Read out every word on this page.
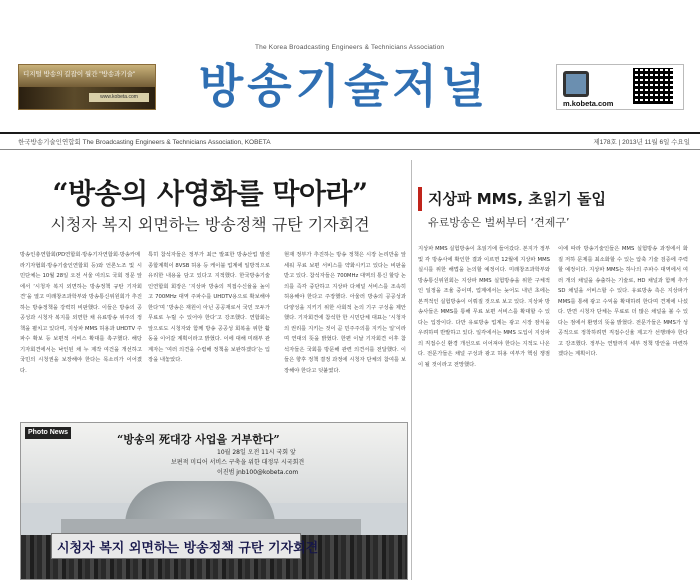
디지털 방송의 길잡이 월간 "방송과기술"
www.kobeta.com
The Korea Broadcasting Engineers & Technicians Association
방송기술저널	m.kobeta.com
한국방송기술인연합회 The Broadcasting Engineers & Technicians Association, KOBETA	제178호 | 2013년 11월 6일 수요일
“방송의 사영화를 막아라”
시청자 복지 외면하는 방송정책 규탄 기자회견
방송인총연합회(PD연합회·방송기자연합회·방송카메라기자협회·방송기술인연합회 등)와 언론노조 및 시민단체는 10월 28일 오전 서울 여의도 국회 정문 앞에서 ‘시청자 복지 외면하는 방송정책 규탄 기자회견’을 열고 미래창조과학부와 방송통신위원회가 추진하는 방송정책을 강력히 비판했다. 이들은 방송의 공공성과 시청자 복지를 외면한 채 유료방송 위주의 정책을 펼치고 있다며, 지상파 MMS 허용과 UHDTV 주파수 확보 등 보편적 서비스 확대를 촉구했다. 해당 기자회견에서는 낙인된 채 누 제작 여건을 개선하고 국민의 시청권을 보장해야 한다는 목소리가 이어졌다.
특히 참석자들은 정부가 최근 발표한 방송산업 발전 종합계획이 8VSB 허용 등 케이블 업계에 일방적으로 유리한 내용을 담고 있다고 지적했다. 한국방송기술인연합회 회장은 ‘지상파 방송의 직접수신율을 높이고 700MHz 대역 주파수를 UHDTV용으로 확보해야 한다’며 ‘방송은 재원이 아닌 공공재로서 국민 모두가 무료로 누릴 수 있어야 한다’고 강조했다. 연합회는 앞으로도 시청자와 함께 방송 공공성 회복을 위한 활동을 이어갈 계획이라고 밝혔다. 이에 대해 미래부 관계자는 ‘여러 의견을 수렴해 정책을 보완하겠다’는 입장을 내놓았다.
현재 정부가 추진하는 방송 정책은 시장 논리만을 앞세워 무료 보편 서비스를 약화시키고 있다는 비판을 받고 있다. 참석자들은 700MHz 대역의 통신 할당 논의를 즉각 중단하고 지상파 다채널 서비스를 조속히 허용해야 한다고 주장했다. 아울러 방송의 공공성과 다양성을 지키기 위한 사회적 논의 기구 구성을 제안했다. 기자회견에 참석한 한 시민단체 대표는 ‘시청자의 권리를 지키는 것이 곧 민주주의를 지키는 일’이라며 연대의 뜻을 밝혔다. 한편 이날 기자회견 이후 참석자들은 국회를 방문해 관련 의견서를 전달했다. 이들은 향후 정책 결정 과정에 시청자 단체의 참여를 보장해야 한다고 덧붙였다.
시청자 복지 외면하는 방송정책 규탄 기자회견
Photo News
“방송의 死대강 사업을 거부한다”
10월 28일 오전 11시 국회 앞
보편적 미디어 서비스 구축을 위한 대정부 시국회견
이진범 jnb100@kobeta.com
지상파 MMS, 초읽기 돌입
유료방송은 벌써부터 ‘견제구’
지상파 MMS 실험방송이 초읽기에 들어갔다. 본지가 정부 및 각 방송사에 확인한 결과 이르면 12월에 지상파 MMS 실시를 위한 해법을 논의할 예정이다. 미래창조과학부와 방송통신위원회는 지상파 MMS 실험방송을 위한 구체적인 일정을 조율 중이며, 업계에서는 늦어도 내년 초에는 본격적인 실험방송이 이뤄질 것으로 보고 있다. 지상파 방송사들은 MMS를 통해 무료 보편 서비스를 확대할 수 있다는 입장이다. 다만 유료방송 업계는 광고 시장 잠식을 우려하며 반발하고 있다. 일각에서는 MMS 도입이 지상파의 직접수신 환경 개선으로 이어져야 한다는 지적도 나온다. 전문가들은 채널 구성과 광고 허용 여부가 핵심 쟁점이 될 것이라고 전망했다.
이에 따라 방송기술인들은 MMS 실험방송 과정에서 화질 저하 문제를 최소화할 수 있는 압축 기술 검증에 주력할 예정이다. 지상파 MMS는 하나의 주파수 대역에서 여러 개의 채널을 송출하는 기술로, HD 채널과 함께 추가 SD 채널을 서비스할 수 있다. 유료방송 측은 지상파가 MMS를 통해 광고 수익을 확대하려 한다며 견제에 나섰다. 반면 시청자 단체는 무료로 더 많은 채널을 볼 수 있다는 점에서 환영의 뜻을 밝혔다. 전문가들은 MMS가 성공적으로 정착하려면 직접수신율 제고가 선행돼야 한다고 강조했다. 정부는 연말까지 세부 정책 방안을 마련하겠다는 계획이다.
